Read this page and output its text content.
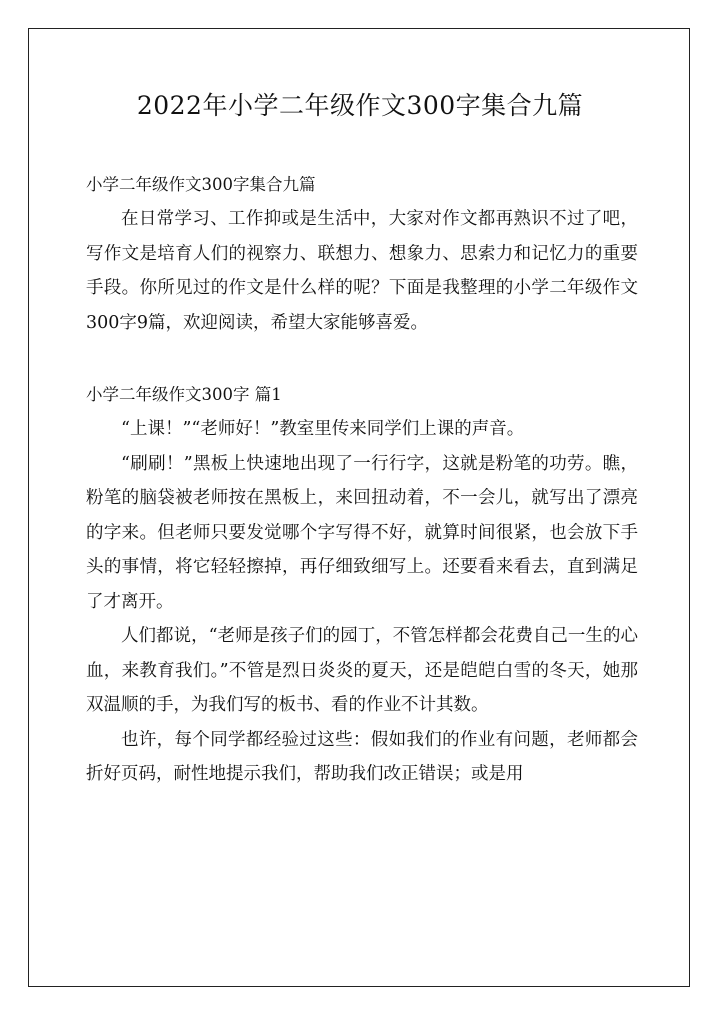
2022年小学二年级作文300字集合九篇
小学二年级作文300字集合九篇

在日常学习、工作抑或是生活中，大家对作文都再熟识不过了吧，写作文是培育人们的视察力、联想力、想象力、思索力和记忆力的重要手段。你所见过的作文是什么样的呢？下面是我整理的小学二年级作文300字9篇，欢迎阅读，希望大家能够喜爱。

小学二年级作文300字 篇1

“上课！”“老师好！”教室里传来同学们上课的声音。

“刷刷！”黑板上快速地出现了一行行字，这就是粉笔的功劳。瞧，粉笔的脑袋被老师按在黑板上，来回扭动着，不一会儿，就写出了漂亮的字来。但老师只要发觉哪个字写得不好，就算时间很紧，也会放下手头的事情，将它轻轻擦掉，再仔细致细写上。还要看来看去，直到满足了才离开。

人们都说，“老师是孩子们的园丁，不管怎样都会花费自己一生的心血，来教育我们。”不管是烈日炎炎的夏天，还是皑皑白雪的冬天，她那双温顺的手，为我们写的板书、看的作业不计其数。

也许，每个同学都经验过这些：假如我们的作业有问题，老师都会折好页码，耐性地提示我们，帮助我们改正错误；或是用
